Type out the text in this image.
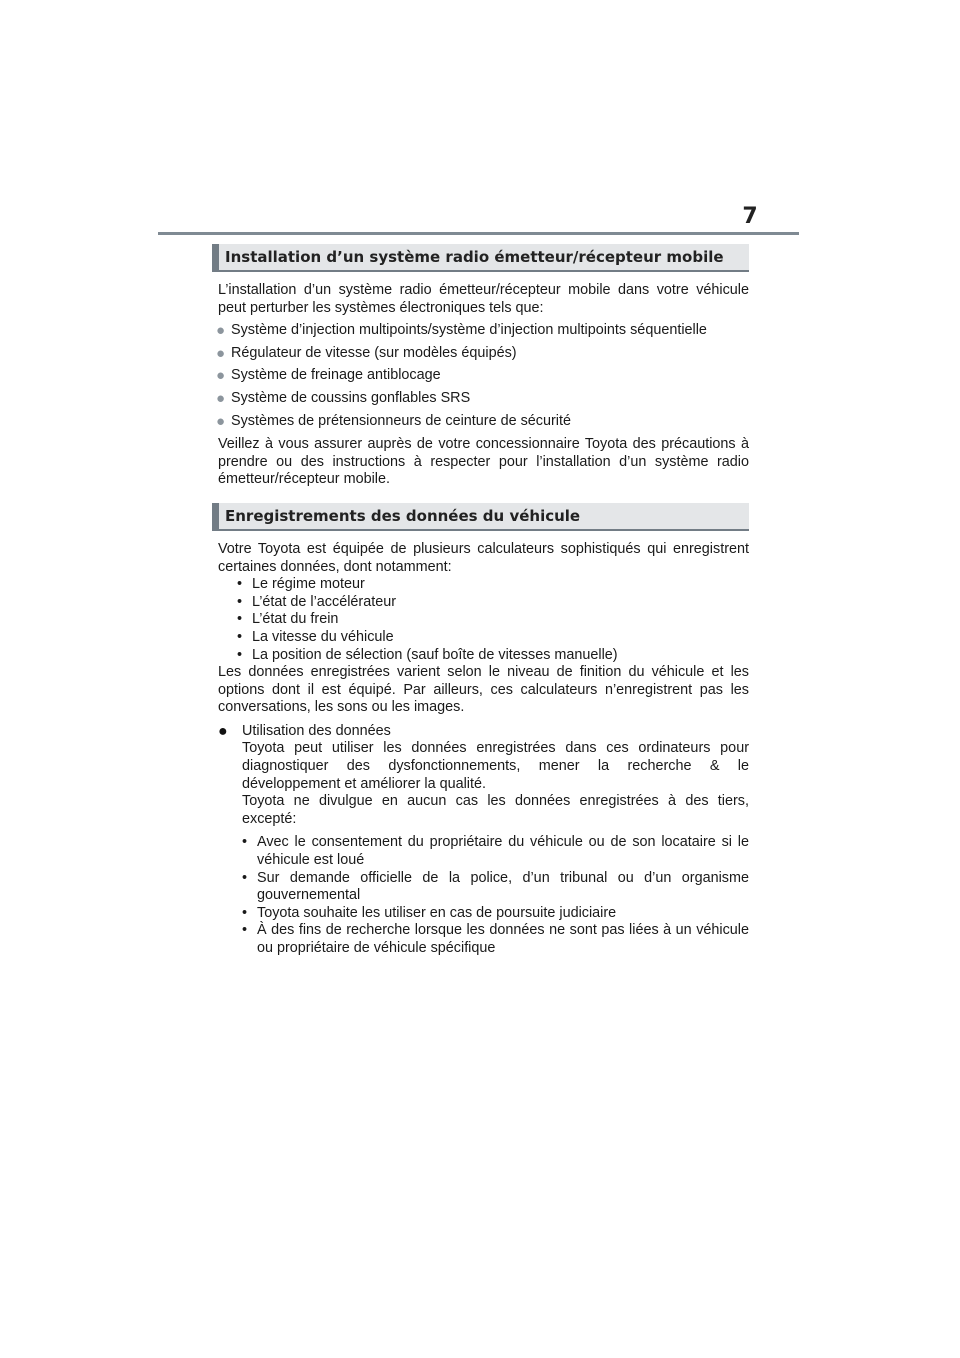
7
Installation d’un système radio émetteur/récepteur mobile

L’installation d’un système radio émetteur/récepteur mobile dans votre véhicule peut perturber les systèmes électroniques tels que:

● Système d’injection multipoints/système d’injection multipoints séquentielle
● Régulateur de vitesse (sur modèles équipés)
● Système de freinage antiblocage
● Système de coussins gonflables SRS
● Systèmes de prétensionneurs de ceinture de sécurité

Veillez à vous assurer auprès de votre concessionnaire Toyota des précautions à prendre ou des instructions à respecter pour l’installation d’un système radio émetteur/récepteur mobile.

Enregistrements des données du véhicule

Votre Toyota est équipée de plusieurs calculateurs sophistiqués qui enregistrent certaines données, dont notamment:

• Le régime moteur
• L’état de l’accélérateur
• L’état du frein
• La vitesse du véhicule
• La position de sélection (sauf boîte de vitesses manuelle)

Les données enregistrées varient selon le niveau de finition du véhicule et les options dont il est équipé. Par ailleurs, ces calculateurs n’enregistrent pas les conversations, les sons ou les images.

● Utilisation des données

Toyota peut utiliser les données enregistrées dans ces ordinateurs pour diagnostiquer des dysfonctionnements, mener la recherche & le développement et améliorer la qualité.

Toyota ne divulgue en aucun cas les données enregistrées à des tiers, excepté:

• Avec le consentement du propriétaire du véhicule ou de son locataire si le véhicule est loué
• Sur demande officielle de la police, d’un tribunal ou d’un organisme gouvernemental
• Toyota souhaite les utiliser en cas de poursuite judiciaire
• À des fins de recherche lorsque les données ne sont pas liées à un véhicule ou propriétaire de véhicule spécifique
